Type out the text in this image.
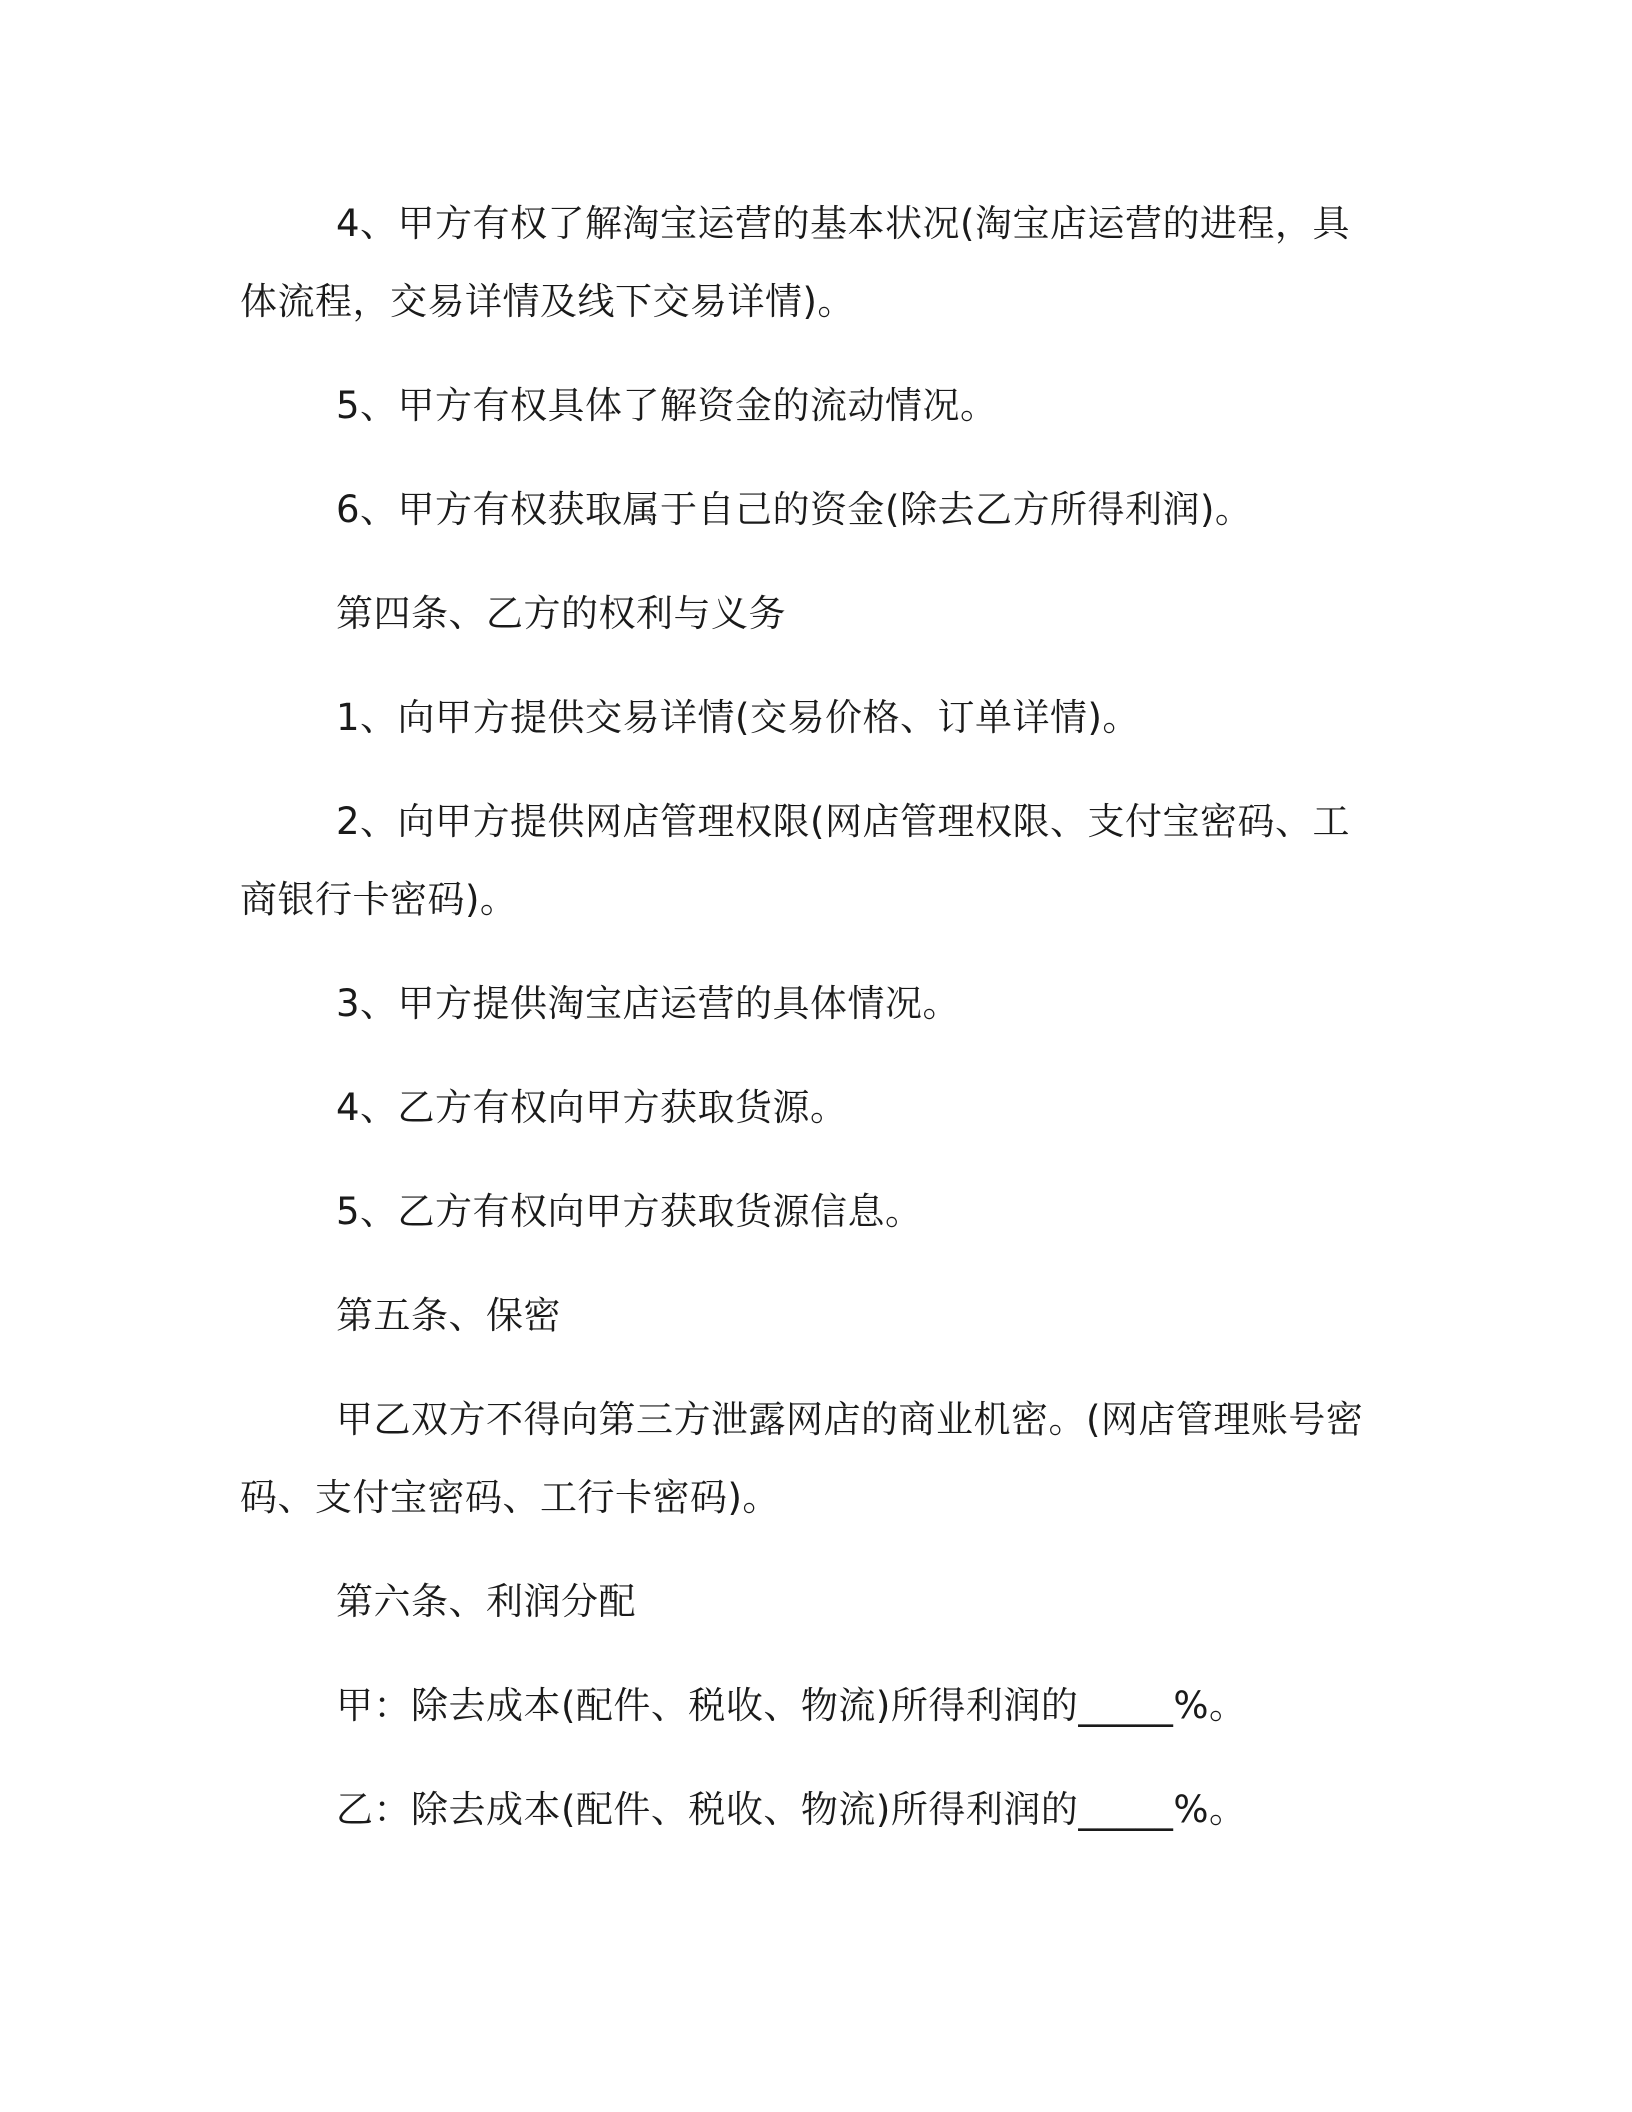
4、甲方有权了解淘宝运营的基本状况(淘宝店运营的进程，具体流程，交易详情及线下交易详情)。

5、甲方有权具体了解资金的流动情况。

6、甲方有权获取属于自己的资金(除去乙方所得利润)。

第四条、乙方的权利与义务

1、向甲方提供交易详情(交易价格、订单详情)。

2、向甲方提供网店管理权限(网店管理权限、支付宝密码、工商银行卡密码)。

3、甲方提供淘宝店运营的具体情况。

4、乙方有权向甲方获取货源。

5、乙方有权向甲方获取货源信息。

第五条、保密

甲乙双方不得向第三方泄露网店的商业机密。(网店管理账号密码、支付宝密码、工行卡密码)。

第六条、利润分配

甲：除去成本(配件、税收、物流)所得利润的_____%。

乙：除去成本(配件、税收、物流)所得利润的_____%。
